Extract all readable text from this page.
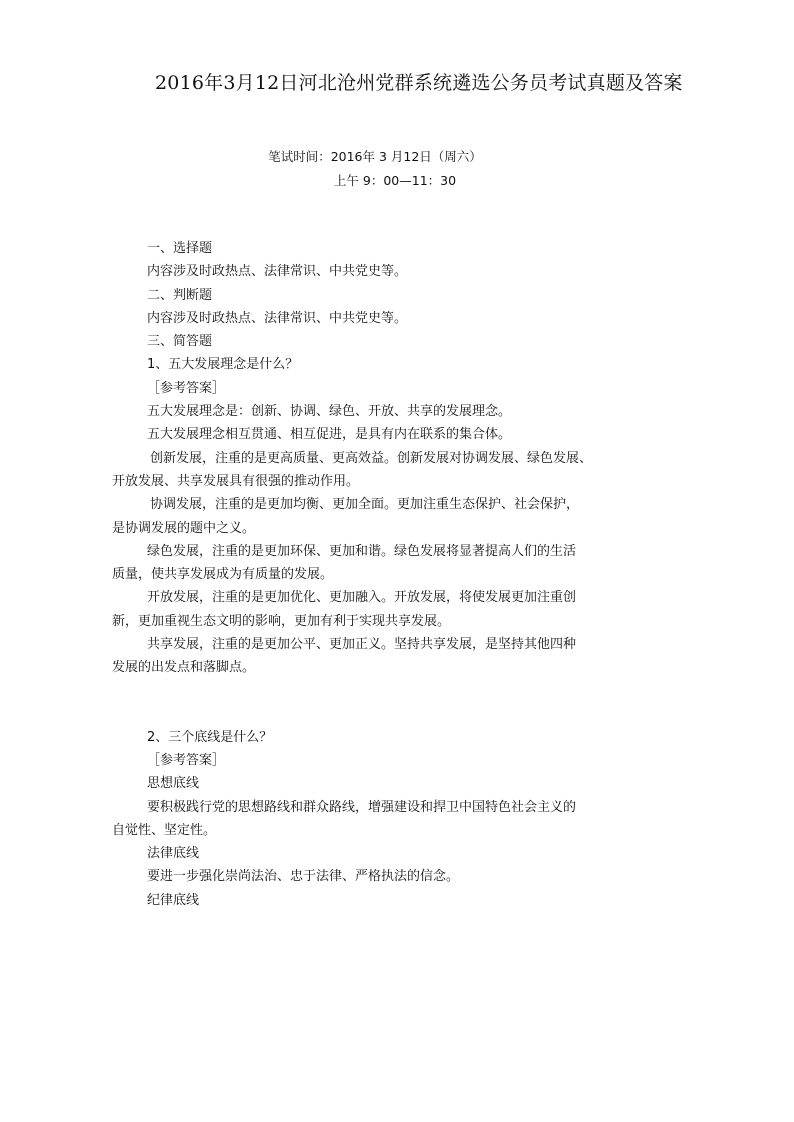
2016年3月12日河北沧州党群系统遴选公务员考试真题及答案
笔试时间：2016年 3 月12日（周六）
上午 9：00—11：30
一、选择题
内容涉及时政热点、法律常识、中共党史等。
二、判断题
内容涉及时政热点、法律常识、中共党史等。
三、简答题
1、五大发展理念是什么？
［参考答案］
五大发展理念是：创新、协调、绿色、开放、共享的发展理念。
五大发展理念相互贯通、相互促进，是具有内在联系的集合体。
创新发展，注重的是更高质量、更高效益。创新发展对协调发展、绿色发展、
开放发展、共享发展具有很强的推动作用。
协调发展，注重的是更加均衡、更加全面。更加注重生态保护、社会保护，
是协调发展的题中之义。
绿色发展，注重的是更加环保、更加和谐。绿色发展将显著提高人们的生活
质量，使共享发展成为有质量的发展。
开放发展，注重的是更加优化、更加融入。开放发展，将使发展更加注重创
新，更加重视生态文明的影响，更加有利于实现共享发展。
共享发展，注重的是更加公平、更加正义。坚持共享发展，是坚持其他四种
发展的出发点和落脚点。
2、三个底线是什么？
［参考答案］
思想底线
要积极践行党的思想路线和群众路线，增强建设和捍卫中国特色社会主义的
自觉性、坚定性。
法律底线
要进一步强化崇尚法治、忠于法律、严格执法的信念。
纪律底线
